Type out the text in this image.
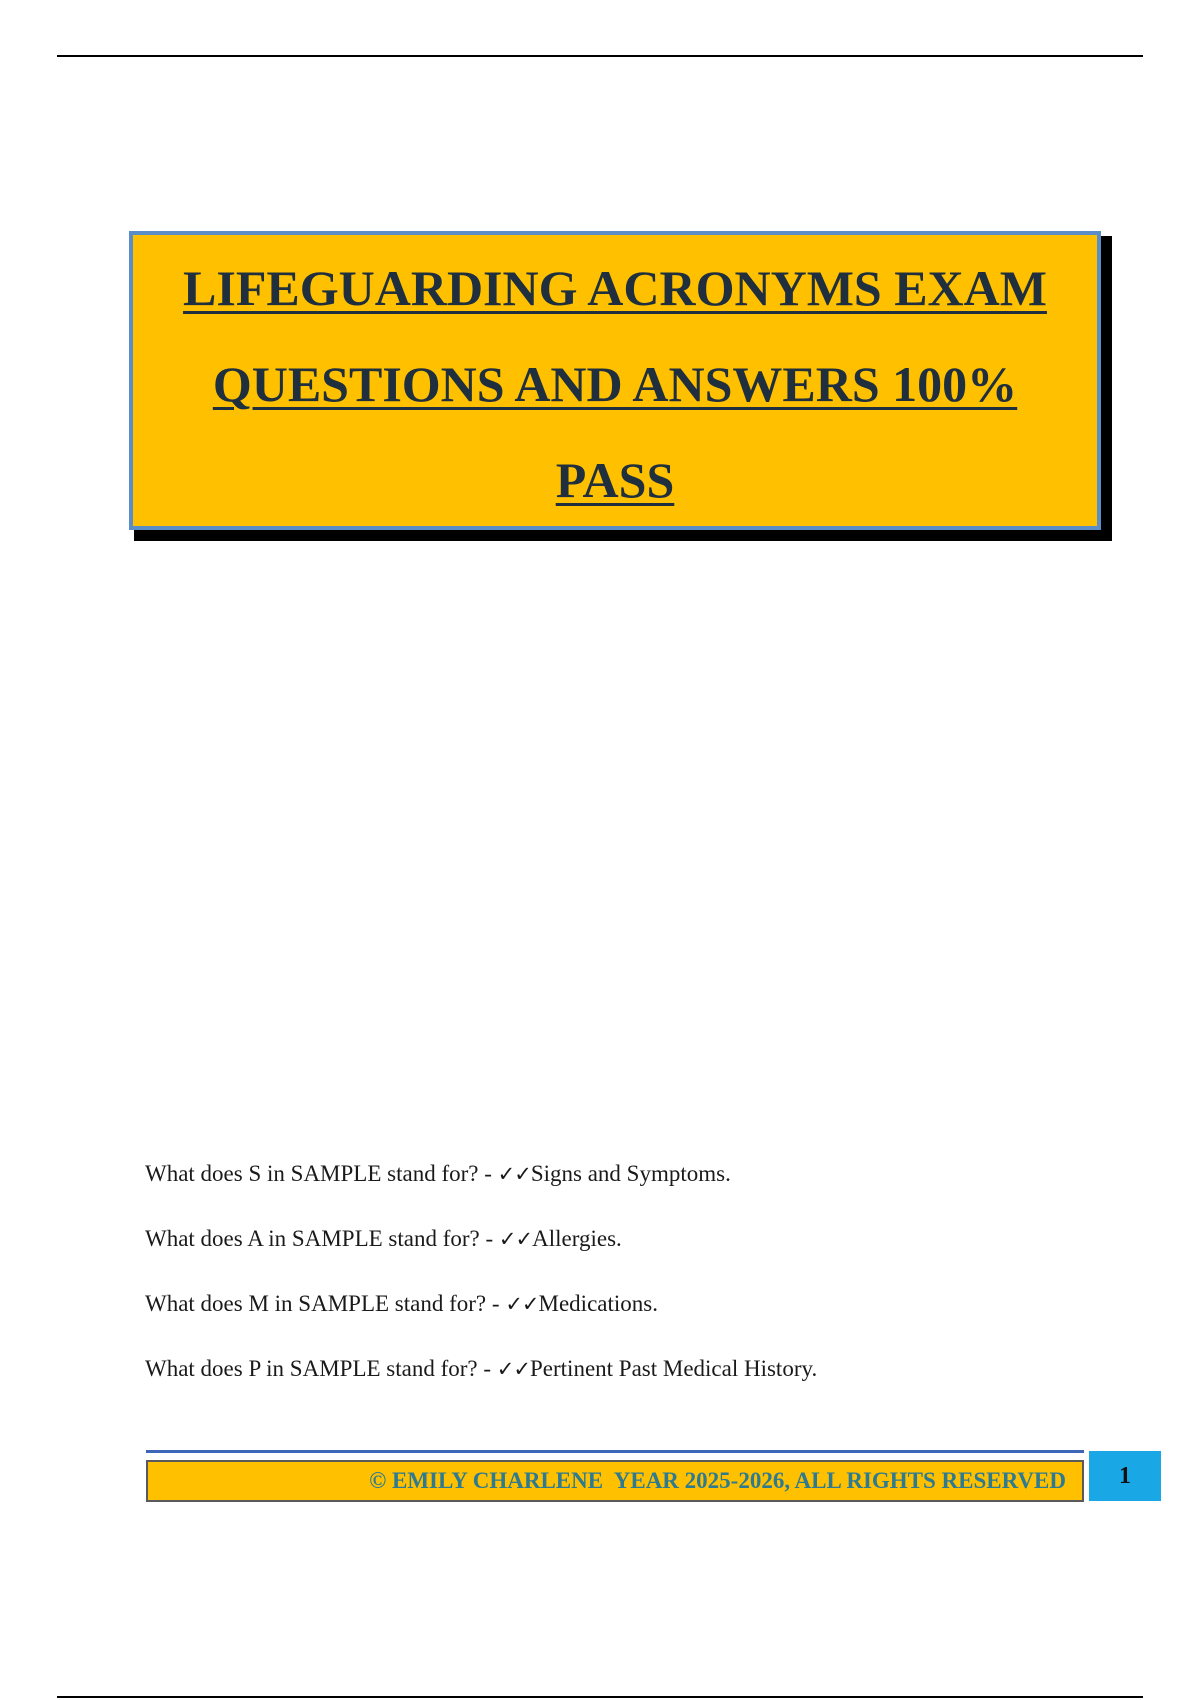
LIFEGUARDING ACRONYMS EXAM
QUESTIONS AND ANSWERS 100%
PASS
What does S in SAMPLE stand for? - ✓✓Signs and Symptoms.
What does A in SAMPLE stand for? - ✓✓Allergies.
What does M in SAMPLE stand for? - ✓✓Medications.
What does P in SAMPLE stand for? - ✓✓Pertinent Past Medical History.
© EMILY CHARLENE  YEAR 2025-2026, ALL RIGHTS RESERVED 1
